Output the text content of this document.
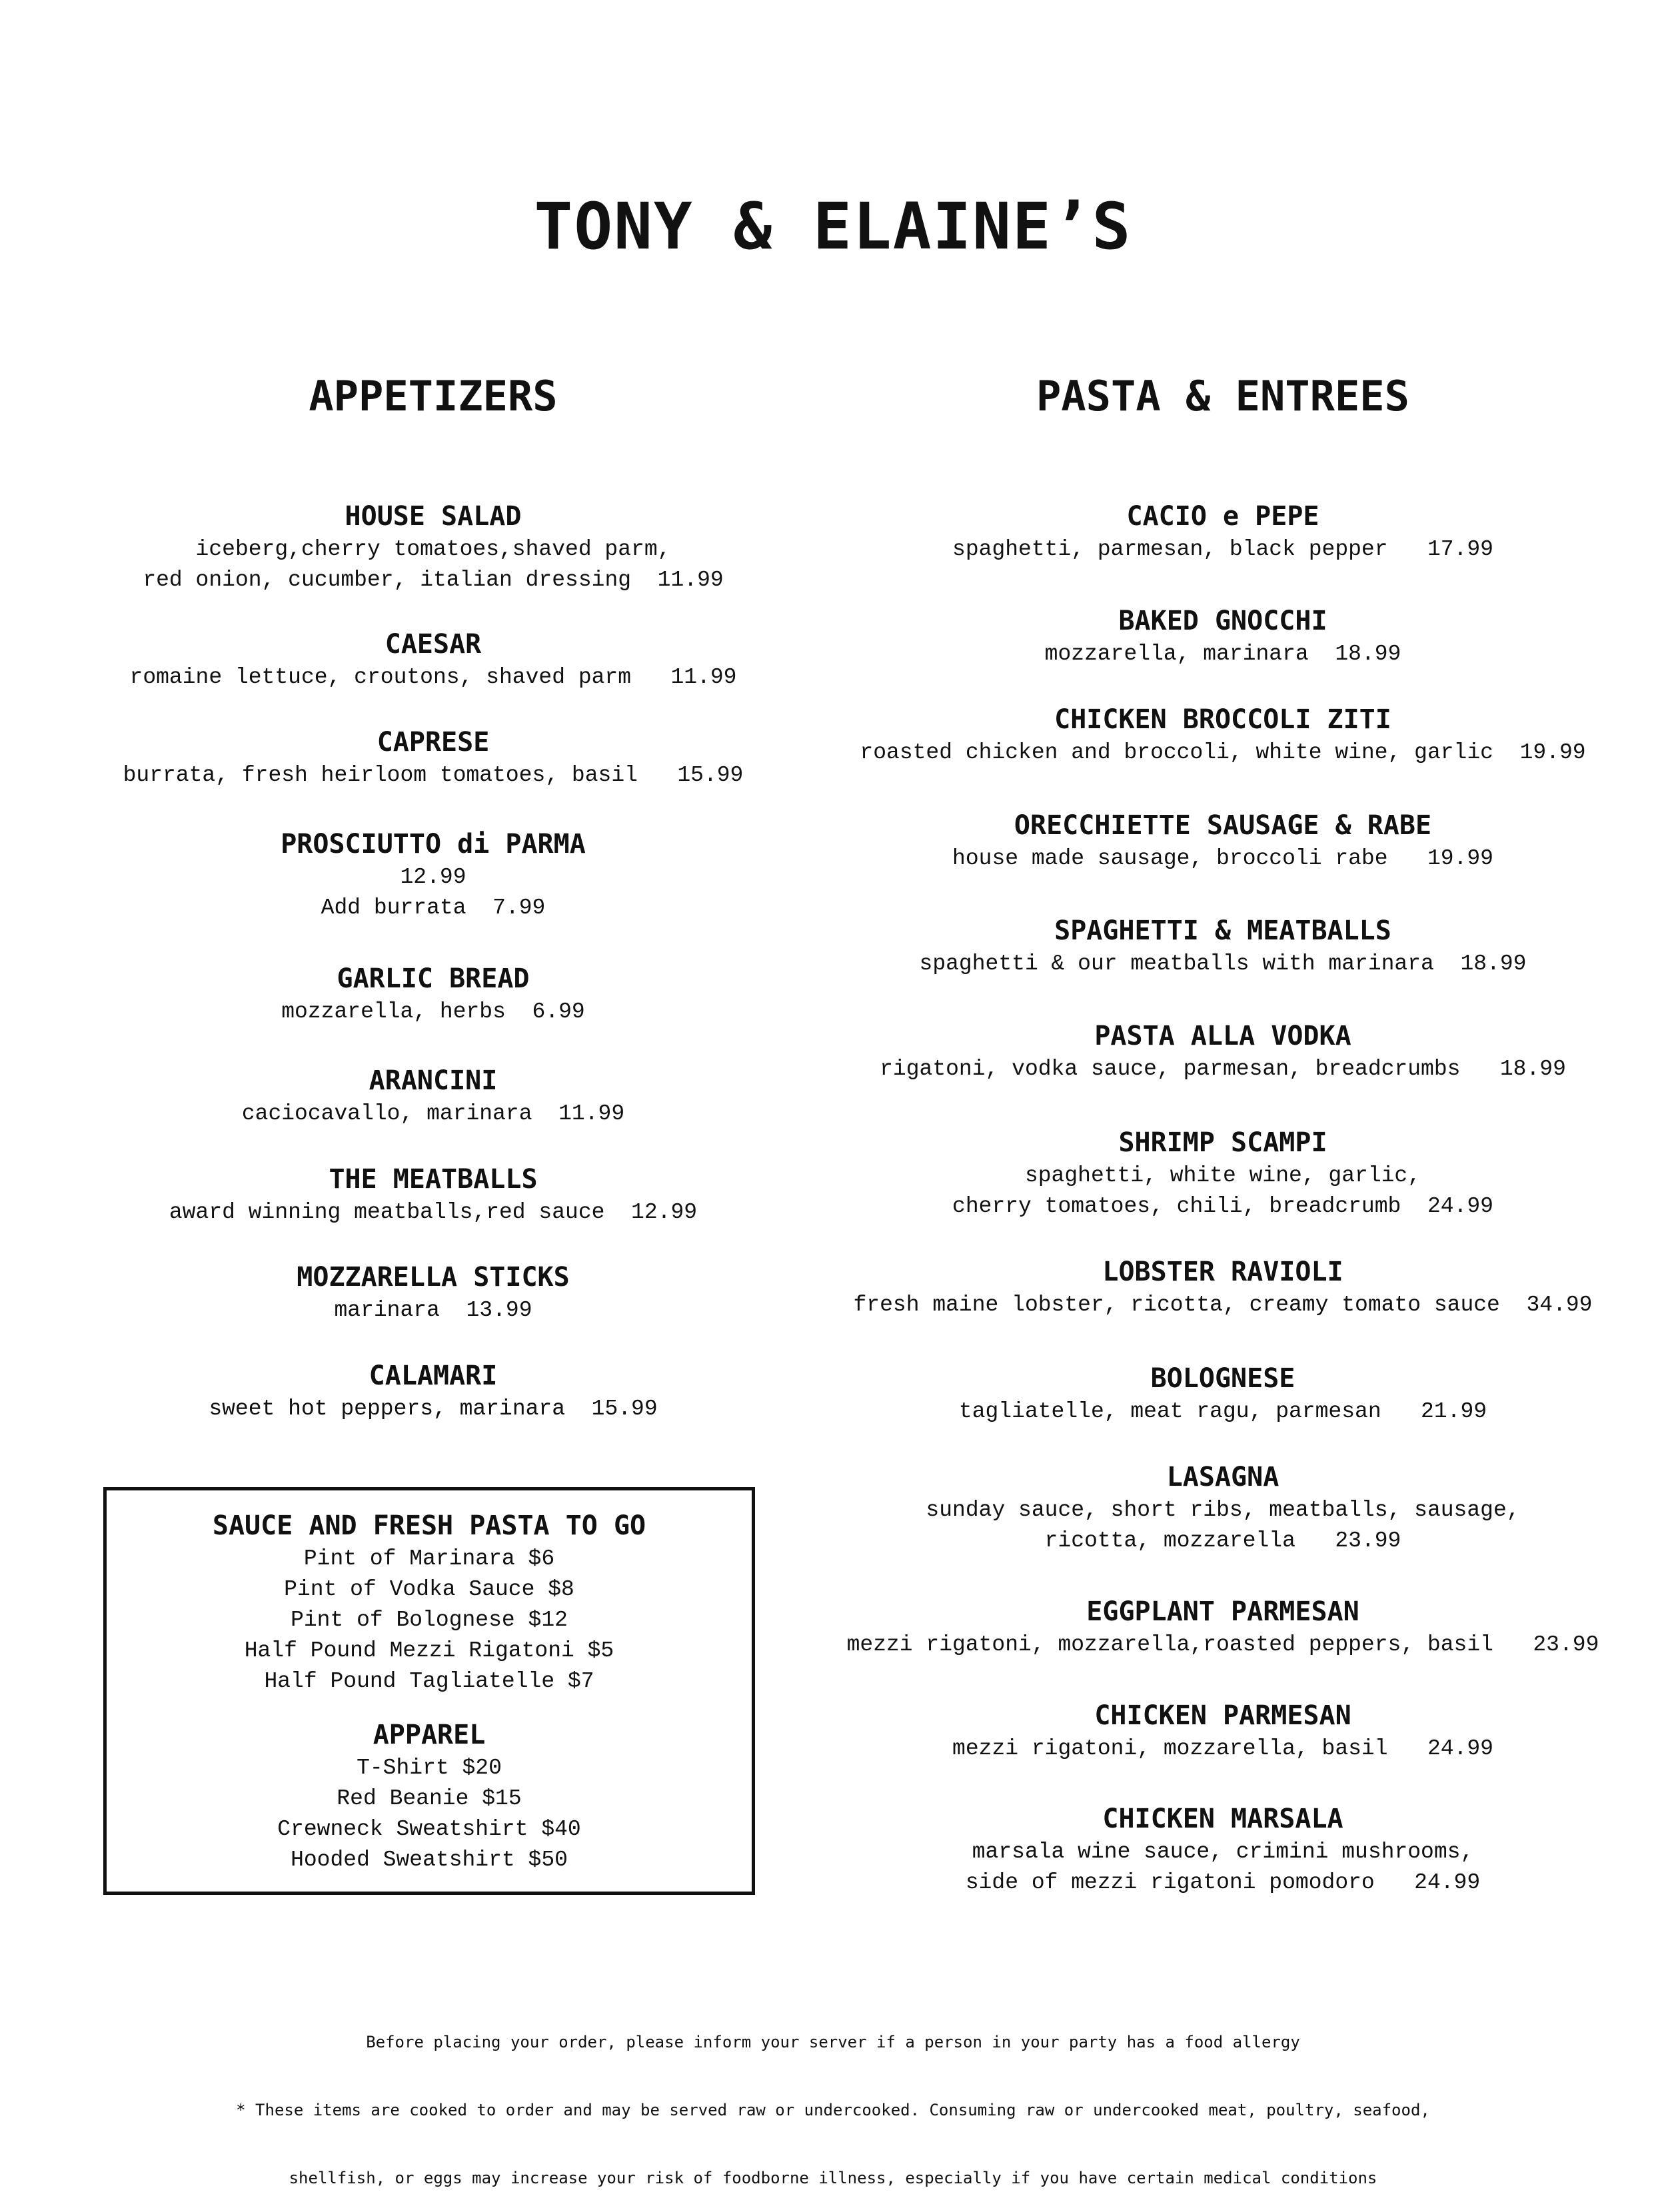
TONY & ELAINE’S
APPETIZERS	PASTA & ENTREES
HOUSE SALAD
iceberg,cherry tomatoes,shaved parm,
red onion, cucumber, italian dressing  11.99
CAESAR
romaine lettuce, croutons, shaved parm   11.99
CAPRESE
burrata, fresh heirloom tomatoes, basil   15.99
PROSCIUTTO di PARMA
12.99
Add burrata  7.99
GARLIC BREAD
mozzarella, herbs  6.99
ARANCINI
caciocavallo, marinara  11.99
THE MEATBALLS
award winning meatballs,red sauce  12.99
MOZZARELLA STICKS
marinara  13.99
CALAMARI
sweet hot peppers, marinara  15.99
SAUCE AND FRESH PASTA TO GO
Pint of Marinara $6
Pint of Vodka Sauce $8
Pint of Bolognese $12
Half Pound Mezzi Rigatoni $5
Half Pound Tagliatelle $7
APPAREL
T-Shirt $20
Red Beanie $15
Crewneck Sweatshirt $40
Hooded Sweatshirt $50
CACIO e PEPE
spaghetti, parmesan, black pepper   17.99
BAKED GNOCCHI
mozzarella, marinara  18.99
CHICKEN BROCCOLI ZITI
roasted chicken and broccoli, white wine, garlic  19.99
ORECCHIETTE SAUSAGE & RABE
house made sausage, broccoli rabe   19.99
SPAGHETTI & MEATBALLS
spaghetti & our meatballs with marinara  18.99
PASTA ALLA VODKA
rigatoni, vodka sauce, parmesan, breadcrumbs   18.99
SHRIMP SCAMPI
spaghetti, white wine, garlic,
cherry tomatoes, chili, breadcrumb  24.99
LOBSTER RAVIOLI
fresh maine lobster, ricotta, creamy tomato sauce  34.99
BOLOGNESE
tagliatelle, meat ragu, parmesan   21.99
LASAGNA
sunday sauce, short ribs, meatballs, sausage,
ricotta, mozzarella   23.99
EGGPLANT PARMESAN
mezzi rigatoni, mozzarella,roasted peppers, basil   23.99
CHICKEN PARMESAN
mezzi rigatoni, mozzarella, basil   24.99
CHICKEN MARSALA
marsala wine sauce, crimini mushrooms,
side of mezzi rigatoni pomodoro   24.99

Before placing your order, please inform your server if a person in your party has a food allergy

* These items are cooked to order and may be served raw or undercooked. Consuming raw or undercooked meat, poultry, seafood,

shellfish, or eggs may increase your risk of foodborne illness, especially if you have certain medical conditions
